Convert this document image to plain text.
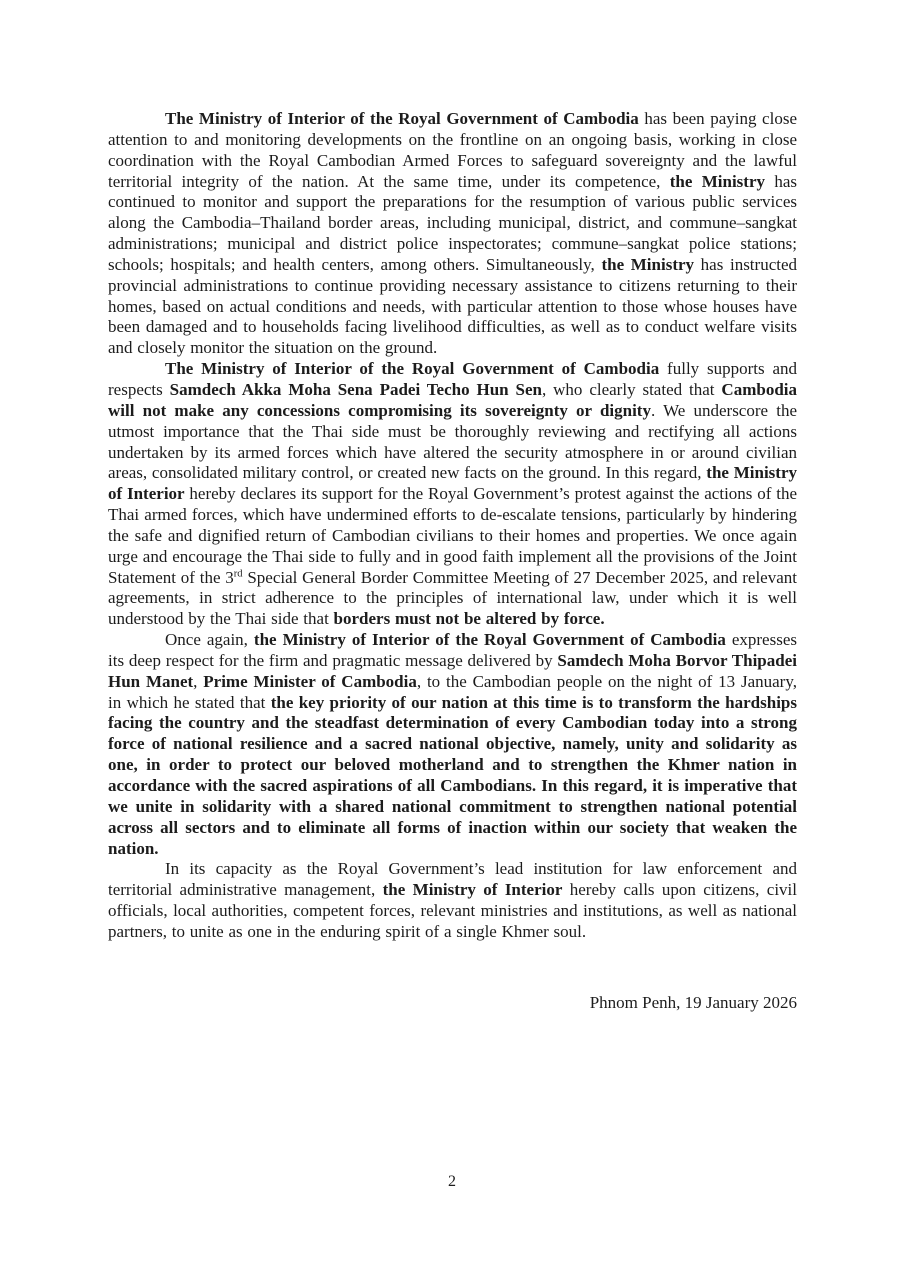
The Ministry of Interior of the Royal Government of Cambodia has been paying close attention to and monitoring developments on the frontline on an ongoing basis, working in close coordination with the Royal Cambodian Armed Forces to safeguard sovereignty and the lawful territorial integrity of the nation. At the same time, under its competence, the Ministry has continued to monitor and support the preparations for the resumption of various public services along the Cambodia–Thailand border areas, including municipal, district, and commune–sangkat administrations; municipal and district police inspectorates; commune–sangkat police stations; schools; hospitals; and health centers, among others. Simultaneously, the Ministry has instructed provincial administrations to continue providing necessary assistance to citizens returning to their homes, based on actual conditions and needs, with particular attention to those whose houses have been damaged and to households facing livelihood difficulties, as well as to conduct welfare visits and closely monitor the situation on the ground.

The Ministry of Interior of the Royal Government of Cambodia fully supports and respects Samdech Akka Moha Sena Padei Techo Hun Sen, who clearly stated that Cambodia will not make any concessions compromising its sovereignty or dignity. We underscore the utmost importance that the Thai side must be thoroughly reviewing and rectifying all actions undertaken by its armed forces which have altered the security atmosphere in or around civilian areas, consolidated military control, or created new facts on the ground. In this regard, the Ministry of Interior hereby declares its support for the Royal Government’s protest against the actions of the Thai armed forces, which have undermined efforts to de-escalate tensions, particularly by hindering the safe and dignified return of Cambodian civilians to their homes and properties. We once again urge and encourage the Thai side to fully and in good faith implement all the provisions of the Joint Statement of the 3rd Special General Border Committee Meeting of 27 December 2025, and relevant agreements, in strict adherence to the principles of international law, under which it is well understood by the Thai side that borders must not be altered by force.

Once again, the Ministry of Interior of the Royal Government of Cambodia expresses its deep respect for the firm and pragmatic message delivered by Samdech Moha Borvor Thipadei Hun Manet, Prime Minister of Cambodia, to the Cambodian people on the night of 13 January, in which he stated that the key priority of our nation at this time is to transform the hardships facing the country and the steadfast determination of every Cambodian today into a strong force of national resilience and a sacred national objective, namely, unity and solidarity as one, in order to protect our beloved motherland and to strengthen the Khmer nation in accordance with the sacred aspirations of all Cambodians. In this regard, it is imperative that we unite in solidarity with a shared national commitment to strengthen national potential across all sectors and to eliminate all forms of inaction within our society that weaken the nation.

In its capacity as the Royal Government’s lead institution for law enforcement and territorial administrative management, the Ministry of Interior hereby calls upon citizens, civil officials, local authorities, competent forces, relevant ministries and institutions, as well as national partners, to unite as one in the enduring spirit of a single Khmer soul.

Phnom Penh, 19 January 2026
2
